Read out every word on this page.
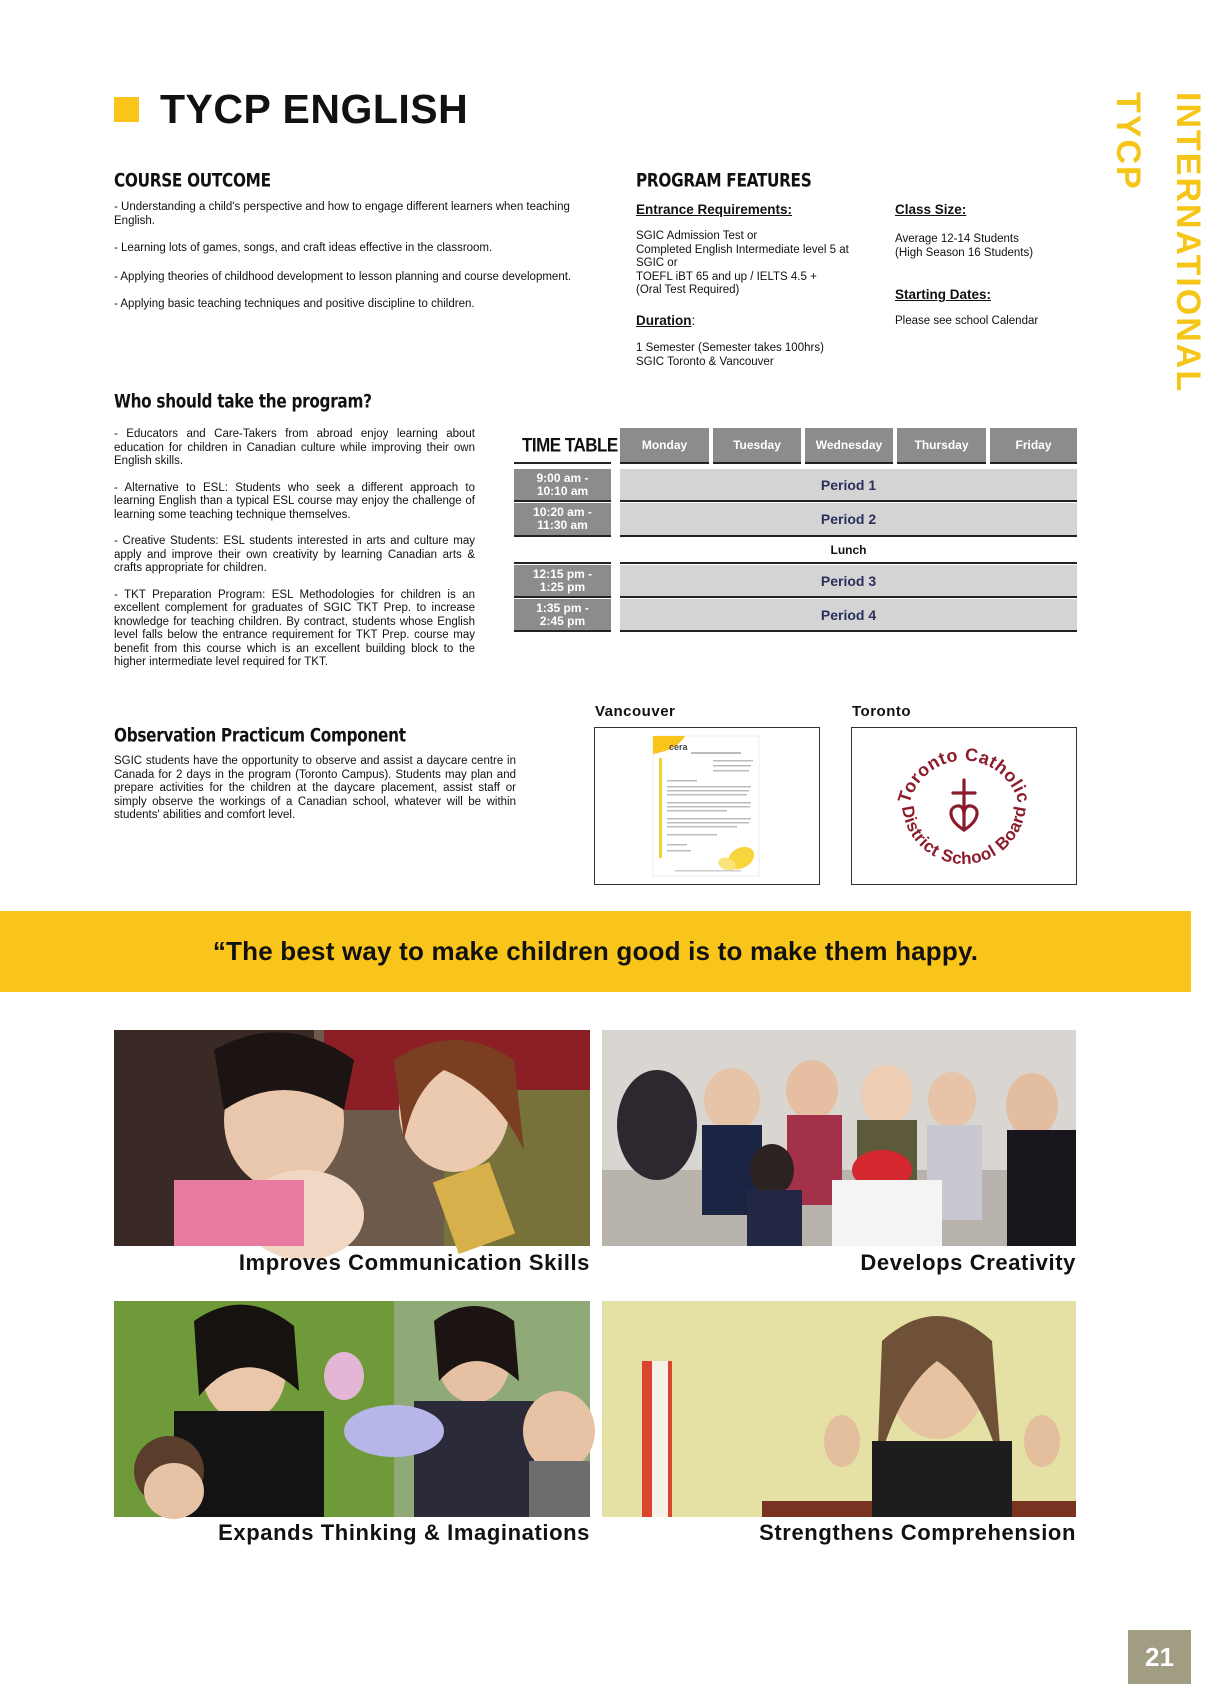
TYCP ENGLISH	INTERNATIONAL TYCP
COURSE OUTCOME
- Understanding a child's perspective and how to engage different learners when teaching English.
- Learning lots of games, songs, and craft ideas effective in the classroom.
- Applying theories of childhood development to lesson planning and course development.
- Applying basic teaching techniques and positive discipline to children.
PROGRAM FEATURES
Entrance Requirements:
SGIC Admission Test or
Completed English Intermediate level 5 at SGIC or
TOEFL iBT 65 and up / IELTS 4.5 +
(Oral Test Required)
Duration:
1 Semester (Semester takes 100hrs)
SGIC Toronto & Vancouver
Class Size:
Average 12-14 Students
(High Season 16 Students)
Starting Dates:
Please see school Calendar
Who should take the program?
- Educators and Care-Takers from abroad enjoy learning about education for children in Canadian culture while improving their own English skills.
- Alternative to ESL: Students who seek a different approach to learning English than a typical ESL course may enjoy the challenge of learning some teaching technique themselves.
- Creative Students: ESL students interested in arts and culture may apply and improve their own creativity by learning Canadian arts & crafts appropriate for children.
- TKT Preparation Program: ESL Methodologies for children is an excellent complement for graduates of SGIC TKT Prep. to increase knowledge for teaching children. By contract, students whose English level falls below the entrance requirement for TKT Prep. course may benefit from this course which is an excellent building block to the higher intermediate level required for TKT.
TIME TABLE	Monday	Tuesday	Wednesday	Thursday	Friday
9:00 am -
10:10 am	Period 1
10:20 am -
11:30 am	Period 2
Lunch
12:15 pm -
1:25 pm	Period 3
1:35 pm -
2:45 pm	Period 4
Observation Practicum Component
SGIC students have the opportunity to observe and assist a daycare centre in Canada for 2 days in the program (Toronto Campus). Students may plan and prepare activities for the children at the daycare placement, assist staff or simply observe the workings of a Canadian school, whatever will be within students' abilities and comfort level.
Vancouver
cera
Toronto
Toronto Catholic
District School Board
“The best way to make children good is to make them happy.
Improves Communication Skills	Develops Creativity
Expands Thinking & Imaginations	Strengthens Comprehension
21
